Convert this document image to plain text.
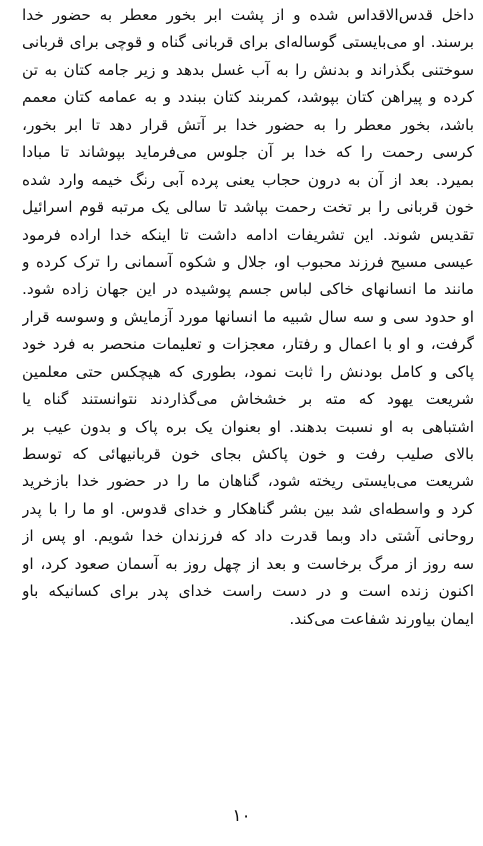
داخل قدس‌الاقداس شده و از پشت ابر بخور معطر به حضور خدا
برسند. او می‌بایستی گوساله‌ای برای قربانی گناه و قوچی برای قربانی
سوختنی بگذراند و بدنش را به آب غسل بدهد و زیر جامه کتان به تن
کرده و پیراهن کتان بپوشد، کمربند کتان ببندد و به عمامه کتان معمم
باشد، بخور معطر را به حضور خدا بر آتش قرار دهد تا ابر بخور،
کرسی رحمت را که خدا بر آن جلوس می‌فرماید بپوشاند تا مبادا
بمیرد. بعد از آن به درون حجاب یعنی پرده آبی رنگ خیمه وارد شده
خون قربانی را بر تخت رحمت بپاشد تا سالی یک مرتبه قوم اسرائیل
تقدیس شوند. این تشریفات ادامه داشت تا اینکه خدا اراده فرمود
عیسی مسیح فرزند محبوب او، جلال و شکوه آسمانی را ترک کرده و
مانند ما انسانهای خاکی لباس جسم پوشیده در این جهان زاده شود.
او حدود سی و سه سال شبیه ما انسانها مورد آزمایش و وسوسه قرار
گرفت، و او با اعمال و رفتار، معجزات و تعلیمات منحصر به فرد خود
پاکی و کامل بودنش را ثابت نمود، بطوری که هیچکس حتی معلمین
شریعت یهود که مته بر خشخاش می‌گذاردند نتوانستند گناه یا
اشتباهی به او نسبت بدهند. او بعنوان یک بره پاک و بدون عیب بر
بالای صلیب رفت و خون پاکش بجای خون قربانیهائی که توسط
شریعت می‌بایستی ریخته شود، گناهان ما را در حضور خدا بازخرید
کرد و واسطه‌ای شد بین بشر گناهکار و خدای قدوس. او ما را با پدر
روحانی آشتی داد وبما قدرت داد که فرزندان خدا شویم. او پس از
سه روز از مرگ برخاست و بعد از چهل روز به آسمان صعود کرد، او
اکنون زنده است و در دست راست خدای پدر برای کسانیکه باو
ایمان بیاورند شفاعت می‌کند.
۱۰
